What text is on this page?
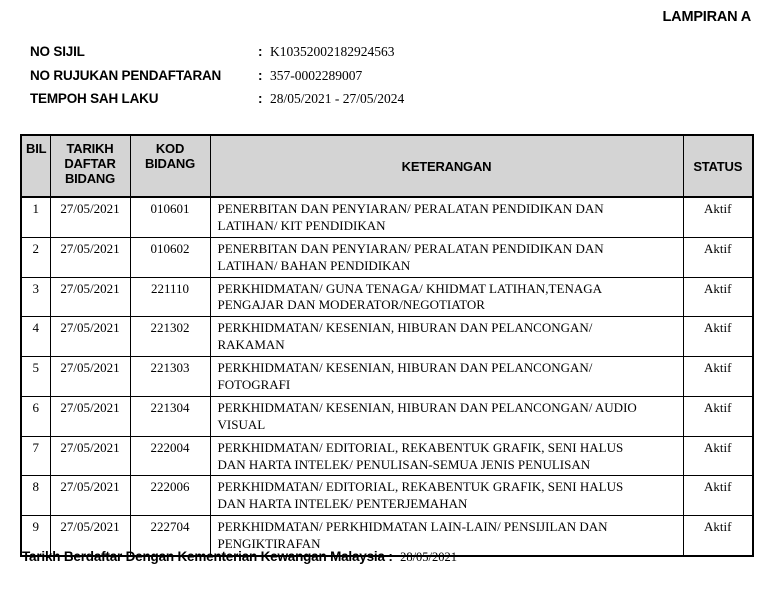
LAMPIRAN A
NO SIJIL	: K10352002182924563
NO RUJUKAN PENDAFTARAN	: 357-0002289007
TEMPOH SAH LAKU	: 28/05/2021 - 27/05/2024
BIL	TARIKH DAFTAR BIDANG	KOD BIDANG	KETERANGAN	STATUS
1	27/05/2021	010601	PENERBITAN DAN PENYIARAN/ PERALATAN PENDIDIKAN DAN LATIHAN/ KIT PENDIDIKAN	Aktif
2	27/05/2021	010602	PENERBITAN DAN PENYIARAN/ PERALATAN PENDIDIKAN DAN LATIHAN/ BAHAN PENDIDIKAN	Aktif
3	27/05/2021	221110	PERKHIDMATAN/ GUNA TENAGA/ KHIDMAT LATIHAN,TENAGA PENGAJAR DAN MODERATOR/NEGOTIATOR	Aktif
4	27/05/2021	221302	PERKHIDMATAN/ KESENIAN, HIBURAN DAN PELANCONGAN/ RAKAMAN	Aktif
5	27/05/2021	221303	PERKHIDMATAN/ KESENIAN, HIBURAN DAN PELANCONGAN/ FOTOGRAFI	Aktif
6	27/05/2021	221304	PERKHIDMATAN/ KESENIAN, HIBURAN DAN PELANCONGAN/ AUDIO VISUAL	Aktif
7	27/05/2021	222004	PERKHIDMATAN/ EDITORIAL, REKABENTUK GRAFIK, SENI HALUS DAN HARTA INTELEK/ PENULISAN-SEMUA JENIS PENULISAN	Aktif
8	27/05/2021	222006	PERKHIDMATAN/ EDITORIAL, REKABENTUK GRAFIK, SENI HALUS DAN HARTA INTELEK/ PENTERJEMAHAN	Aktif
9	27/05/2021	222704	PERKHIDMATAN/ PERKHIDMATAN LAIN-LAIN/ PENSIJILAN DAN PENGIKTIRAFAN	Aktif
Tarikh Berdaftar Dengan Kementerian Kewangan Malaysia : 28/05/2021
